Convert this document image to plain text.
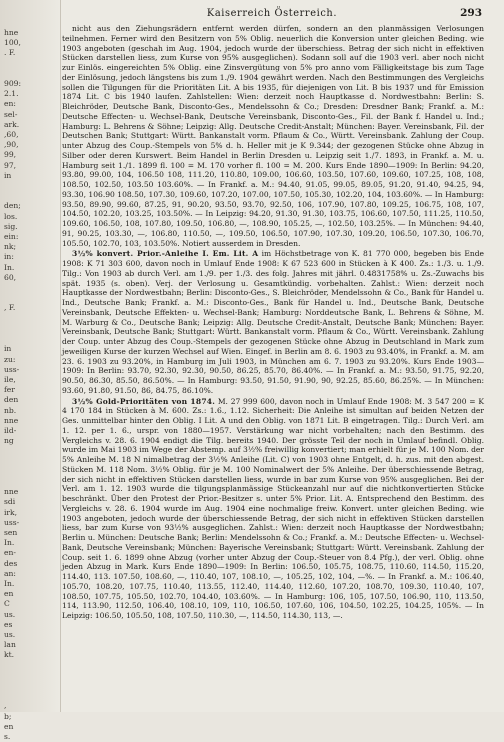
hne
100,
. F.

909:
2.1.
en:
sel-
ark.
,60,
,90,
99,
97,
in

den;
los.
sig.
ein:
nk;
in:
In.
60,

, F.

in
zu:
uss-
ile,
fer
den
nb.
nne
ild-
ng

nne
sdi
irk,
uss-
sen
In.
en-
des
an:
In.
en
C
us.
es
us.
lan
kt.

,
b;
en
s.
Kaiserreich Österreich.	293

nicht aus den Ziehungsrädern entfernt werden dürfen, sondern an den planmässigen Verlosungen teilnehmen. Ferner wird den Besitzern von 5% Oblig. neuerlich die Konversion unter gleichen Beding. wie 1903 angeboten (geschah im Aug. 1904, jedoch wurde der überschiess. Betrag der sich nicht in effektiven Stücken darstellen liess, zum Kurse von 95% ausgeglichen). Sodann soll auf die 1903 verl. aber noch nicht zur Einlös. eingereichten 5% Oblig. eine Zinsvergütung von 5% pro anno vom Fälligkeitstage bis zum Tage der Einlösung, jedoch längstens bis zum 1./9. 1904 gewährt werden. Nach den Bestimmungen des Vergleichs sollen die Tilgungen für die Prioritäten Lit. A bis 1935, für diejenigen von Lit. B bis 1937 und für Emission 1874 Lit. C bis 1940 laufen. Zahlstellen: Wien: derzeit noch Hauptkasse d. Nordwestbahn: Berlin: S. Bleichröder, Deutsche Bank, Disconto-Ges., Mendelssohn & Co.; Dresden: Dresdner Bank; Frankf. a. M.: Deutsche Effecten- u. Wechsel-Bank, Deutsche Vereinsbank, Disconto-Ges., Fil. der Bank f. Handel u. Ind.; Hamburg: L. Behrens & Söhne; Leipzig: Allg. Deutsche Credit-Anstalt; München: Bayer. Vereinsbank, Fil. der Deutschen Bank; Stuttgart: Württ. Bankanstalt vorm. Pflaum & Co., Württ. Vereinsbank. Zahlung der Coup. unter Abzug des Coup.-Stempels von 5% d. h. Heller mit je K 9.344; der gezogenen Stücke ohne Abzug in Silber oder deren Kurswert. Beim Handel in Berlin Dresden u. Leipzig seit 1./7. 1893, in Frankf. a. M. u. Hamburg seit 1./1. 1899 fl. 100 = M. 170 vorher fl. 100 = M. 200. Kurs Ende 1890—1909: In Berlin: 94.20, 93.80, 99.00, 104, 106.50 108, 111.20, 110.80, 109.00, 106.60, 103.50, 107.60, 109.60, 107.25, 108, 108, 108.50, 102.50, 103.50 103.60%. — In Frankf. a. M.: 94.40, 91.05, 99.05, 89.05, 91.20, 91.40, 94.25, 94, 93.30, 106.90 108.50, 107.30, 109.60, 107.20, 107.00, 107.50, 105.30, 102.20, 104, 103.60%. — In Hamburg: 93.50, 89.90, 99.60, 87.25, 91, 90.20, 93.50, 93.70, 92.50, 106, 107.90, 107.80, 109.25, 106.75, 108, 107, 104.50, 102.20, 103.25, 103.50%. — In Leipzig: 94.20, 91.30, 91.30, 103.75, 106.60, 107.50, 111.25, 110.50, 109.60, 106.50, 108, 107.80, 109.50, 106.80, —, 108.90, 105.25, —, 102.50, 103.25%. — In München: 94.40, 91, 90.25, 103.30, —, 106.80, 110.50, —, 109.50, 106.50, 107.90, 107.30, 109.20, 106.50, 107.30, 106.70, 105.50, 102.70, 103, 103.50%. Notiert ausserdem in Dresden.

3½% konvert. Prior.-Anleihe I. Em. Lit. A im Höchstbetrage von K. 81 770 000, begeben bis Ende 1908: K 71 303 600, davon noch in Umlauf Ende 1908: K 67 523 600 in Stücken à K 400. Zs.: 1./3. u. 1./9. Tilg.: Von 1903 ab durch Verl. am 1./9. per 1./3. des folg. Jahres mit jährl. 0.4831758% u. Zs.-Zuwachs bis spät. 1935 (s. oben). Verj. der Verlosung u. Gesamtkündig. vorbehalten. Zahlst.: Wien: derzeit noch Hauptkasse der Nordwestbahn; Berlin: Disconto-Ges., S. Bleichröder, Mendelssohn & Co., Bank für Handel u. Ind., Deutsche Bank; Frankf. a. M.: Disconto-Ges., Bank für Handel u. Ind., Deutsche Bank, Deutsche Vereinsbank, Deutsche Effekten- u. Wechsel-Bank; Hamburg: Norddeutsche Bank, L. Behrens & Söhne, M. M. Warburg & Co., Deutsche Bank; Leipzig: Allg. Deutsche Credit-Anstalt, Deutsche Bank; München: Bayer. Vereinsbank, Deutsche Bank; Stuttgart: Württ. Bankanstalt vorm. Pflaum & Co., Württ. Vereinsbank. Zahlung der Coup. unter Abzug des Coup.-Stempels der gezogenen Stücke ohne Abzug in Deutschland in Mark zum jeweiligen Kurse der kurzen Wechsel auf Wien. Eingef. in Berlin am 8. 6. 1903 zu 93.40%, in Frankf. a. M. am 23. 6. 1903 zu 93.20%, in Hamburg im Juli 1903, in München am 6. 7. 1903 zu 93.20%. Kurs Ende 1903—1909: In Berlin: 93.70, 92.30, 92.30, 90.50, 86.25, 85.70, 86.40%. — In Frankf. a. M.: 93.50, 91.75, 92.20, 90.50, 86.30, 85.50, 86.50%. — In Hamburg: 93.50, 91.50, 91.90, 90, 92.25, 85.60, 86.25%. — In München: 93.60, 91.80, 91.50, 86, 84.75, 86.10%.

3½% Gold-Prioritäten von 1874. M. 27 999 600, davon noch in Umlauf Ende 1908: M. 3 547 200 = K 4 170 184 in Stücken à M. 600. Zs.: 1.6., 1.12. Sicherheit: Die Anleihe ist simultan auf beiden Netzen der Ges. unmittelbar hinter den Oblig. I Lit. A und den Oblig. von 1871 Lit. B eingetragen. Tilg.: Durch Verl. am 1. 12. per 1. 6., urspr. von 1880—1957. Verstärkung war nicht vorbehalten; nach den Bestimm. des Vergleichs v. 28. 6. 1904 endigt die Tilg. bereits 1940. Der grösste Teil der noch in Umlauf befindl. Oblig. wurde im Mai 1903 im Wege der Abstemp. auf 3½% freiwillig konvertiert; man erhielt für je M. 100 Nom. der 5% Anleihe M. 18 N nimalbetrag der 3½% Anleihe (Lit. C) von 1903 ohne Entgelt, d. h. zus. mit den abgest. Stücken M. 118 Nom. 3½% Oblig. für je M. 100 Nominalwert der 5% Anleihe. Der überschiessende Betrag, der sich nicht in effektiven Stücken darstellen liess, wurde in bar zum Kurse von 95% ausgeglichen. Bei der Verl. am 1. 12. 1903 wurde die tilgungsplanmässige Stückeanzahl nur auf die nichtkonvertierten Stücke beschränkt. Über den Protest der Prior.-Besitzer s. unter 5% Prior. Lit. A. Entsprechend den Bestimm. des Vergleichs v. 28. 6. 1904 wurde im Aug. 1904 eine nochmalige freiw. Konvert. unter gleichen Beding. wie 1903 angeboten, jedoch wurde der überschiessende Betrag, der sich nicht in effektiven Stücken darstellen liess, bar zum Kurse von 93½% ausgeglichen. Zahlst.: Wien: derzeit noch Hauptkasse der Nordwestbahn; Berlin u. München: Deutsche Bank; Berlin: Mendelssohn & Co.; Frankf. a. M.: Deutsche Effecten- u. Wechsel-Bank, Deutsche Vereinsbank; München: Bayerische Vereinsbank; Stuttgart: Württ. Vereinsbank. Zahlung der Coup. seit 1. 6. 1899 ohne Abzug (vorher unter Abzug der Coup.-Steuer von 8.4 Pfg.), der verl. Oblig. ohne jeden Abzug in Mark. Kurs Ende 1890—1909: In Berlin: 106.50, 105.75, 108.75, 110.60, 114.50, 115.20, 114.40, 113. 107.50, 108.60, —, 110.40, 107, 108.10, —, 105.25, 102, 104, —%. — In Frankf. a. M.: 106.40, 105.70, 108.20, 107.75, 110.40, 113.55, 112.40, 114.40, 112.60, 107.20, 108.70, 109.30, 110.40, 107, 108.50, 107.75, 105.50, 102.70, 104.40, 103.60%. — In Hamburg: 106, 105, 107.50, 106.90, 110, 113.50, 114, 113.90, 112.50, 106.40, 108.10, 109, 110, 106.50, 107.60, 106, 104.50, 102.25, 104.25, 105%. — In Leipzig: 106.50, 105.50, 108, 107.50, 110.30, —, 114.50, 114.30, 113, —.
